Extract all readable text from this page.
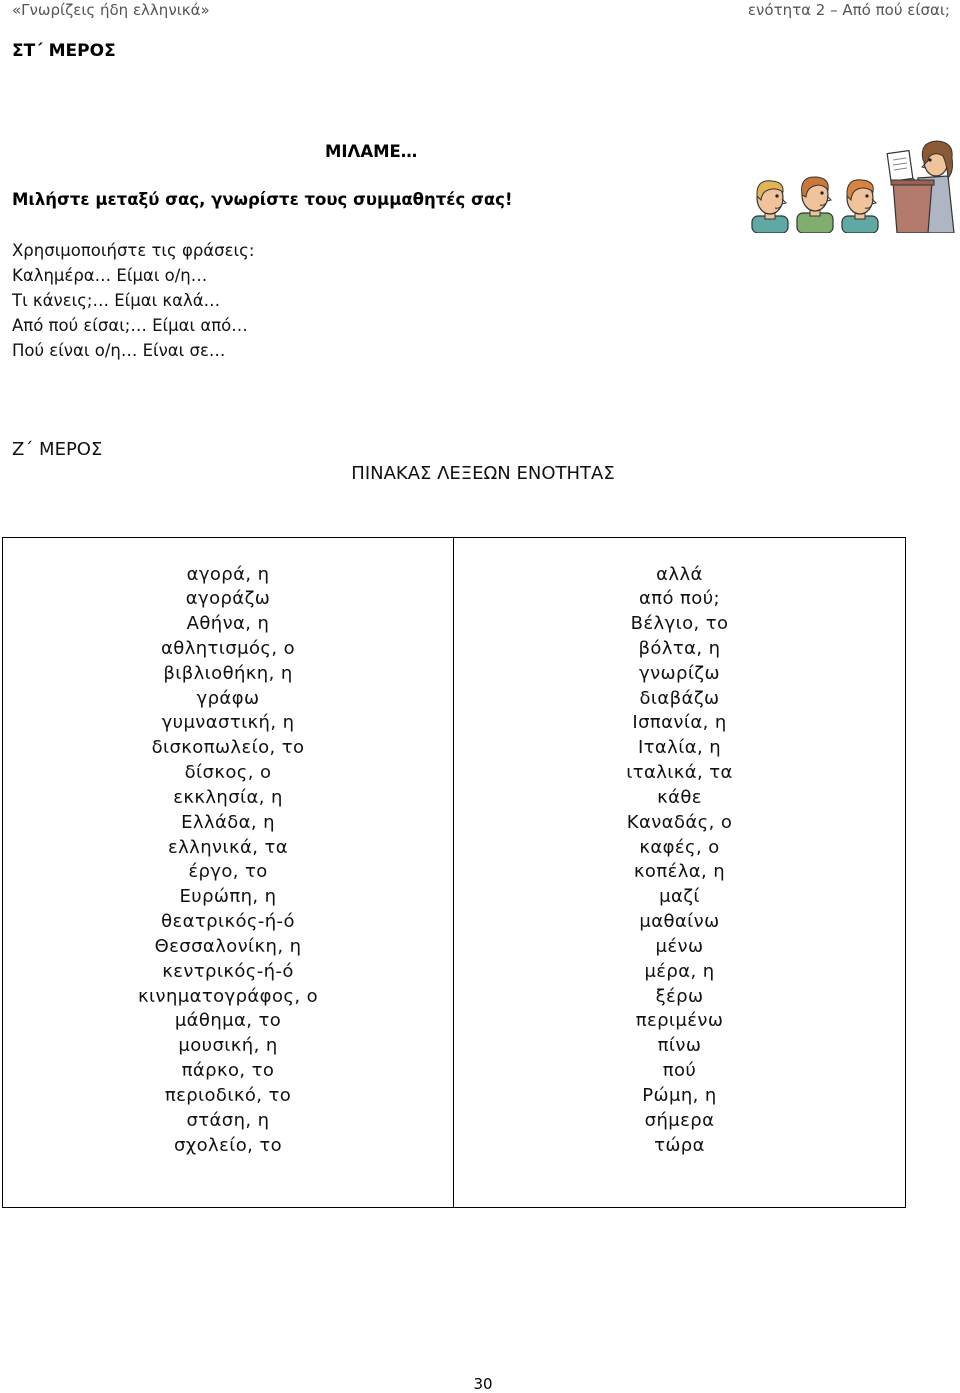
«Γνωρίζεις ήδη ελληνικά»	ενότητα 2 – Από πού είσαι;
ΣΤ΄ ΜΕΡΟΣ
ΜΙΛΑΜΕ…
Μιλήστε μεταξύ σας, γνωρίστε τους συμμαθητές σας!
Χρησιμοποιήστε τις φράσεις:
Καλημέρα… Είμαι ο/η…
Τι κάνεις;… Είμαι καλά…
Από πού είσαι;… Είμαι από…
Πού είναι ο/η… Είναι σε…
Ζ΄ ΜΕΡΟΣ
ΠΙΝΑΚΑΣ ΛΕΞΕΩΝ ΕΝΟΤΗΤΑΣ
αγορά, η
αγοράζω
Αθήνα, η
αθλητισμός, ο
βιβλιοθήκη, η
γράφω
γυμναστική, η
δισκοπωλείο, το
δίσκος, ο
εκκλησία, η
Ελλάδα, η
ελληνικά, τα
έργο, το
Ευρώπη, η
θεατρικός-ή-ό
Θεσσαλονίκη, η
κεντρικός-ή-ό
κινηματογράφος, ο
μάθημα, το
μουσική, η
πάρκο, το
περιοδικό, το
στάση, η
σχολείο, το
αλλά
από πού;
Βέλγιο, το
βόλτα, η
γνωρίζω
διαβάζω
Ισπανία, η
Ιταλία, η
ιταλικά, τα
κάθε
Καναδάς, ο
καφές, ο
κοπέλα, η
μαζί
μαθαίνω
μένω
μέρα, η
ξέρω
περιμένω
πίνω
πού
Ρώμη, η
σήμερα
τώρα
30
